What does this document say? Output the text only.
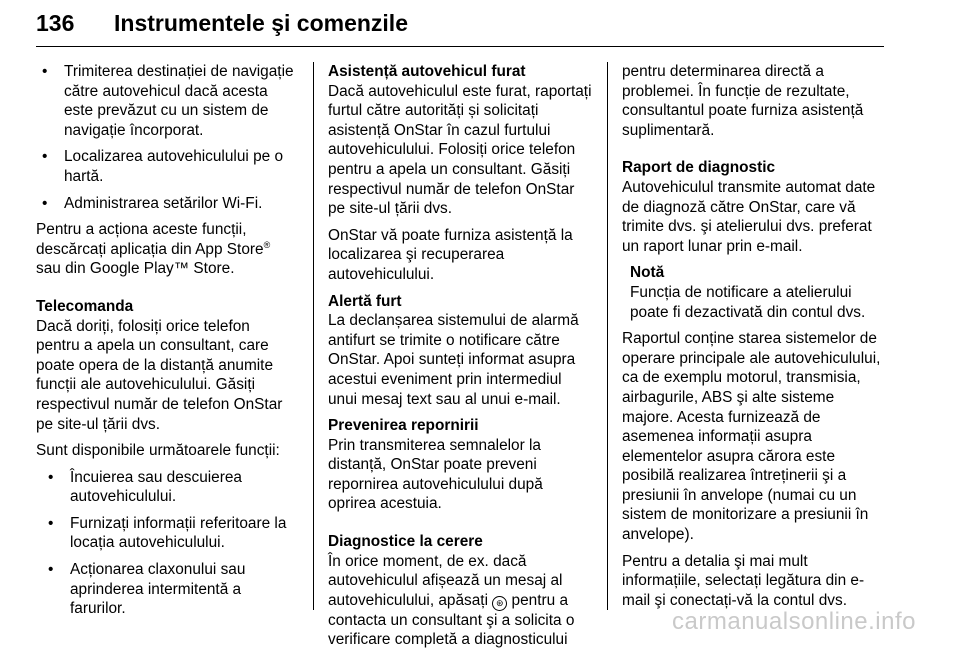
136 Instrumentele şi comenzile
• Trimiterea destinației de navigație către autovehicul dacă acesta este prevăzut cu un sistem de navigație încorporat.
• Localizarea autovehiculului pe o hartă.
• Administrarea setărilor Wi-Fi.

Pentru a acționa aceste funcții, descărcați aplicația din App Store® sau din Google Play™ Store.

Telecomanda

Dacă doriți, folosiți orice telefon pentru a apela un consultant, care poate opera de la distanță anumite funcții ale autovehiculului. Găsiți respectivul număr de telefon OnStar pe site-ul țării dvs.

Sunt disponibile următoarele funcții:

• Încuierea sau descuierea autovehiculului.
• Furnizați informații referitoare la locația autovehiculului.
• Acționarea claxonului sau aprinderea intermitentă a farurilor.
Asistență autovehicul furat

Dacă autovehiculul este furat, raportați furtul către autorități și solicitați asistență OnStar în cazul furtului autovehiculului. Folosiți orice telefon pentru a apela un consultant. Găsiți respectivul număr de telefon OnStar pe site-ul țării dvs.

OnStar vă poate furniza asistență la localizarea şi recuperarea autovehiculului.

Alertă furt

La declanșarea sistemului de alarmă antifurt se trimite o notificare către OnStar. Apoi sunteți informat asupra acestui eveniment prin intermediul unui mesaj text sau al unui e-mail.

Prevenirea repornirii

Prin transmiterea semnalelor la distanță, OnStar poate preveni repornirea autovehiculului după oprirea acestuia.

Diagnostice la cerere

În orice moment, de ex. dacă autovehiculul afișează un mesaj al autovehiculului, apăsați ⊛ pentru a contacta un consultant şi a solicita o verificare completă a diagnosticului

pentru determinarea directă a problemei. În funcție de rezultate, consultantul poate furniza asistență suplimentară.

Raport de diagnostic

Autovehiculul transmite automat date de diagnoză către OnStar, care vă trimite dvs. şi atelierului dvs. preferat un raport lunar prin e-mail.

Notă
Funcția de notificare a atelierului poate fi dezactivată din contul dvs.

Raportul conține starea sistemelor de operare principale ale autovehiculului, ca de exemplu motorul, transmisia, airbagurile, ABS şi alte sisteme majore. Acesta furnizează de asemenea informații asupra elementelor asupra cărora este posibilă realizarea întreținerii şi a presiunii în anvelope (numai cu un sistem de monitorizare a presiunii în anvelope).

Pentru a detalia şi mai mult informațiile, selectați legătura din e-mail şi conectați-vă la contul dvs.

carmanualsonline.info
